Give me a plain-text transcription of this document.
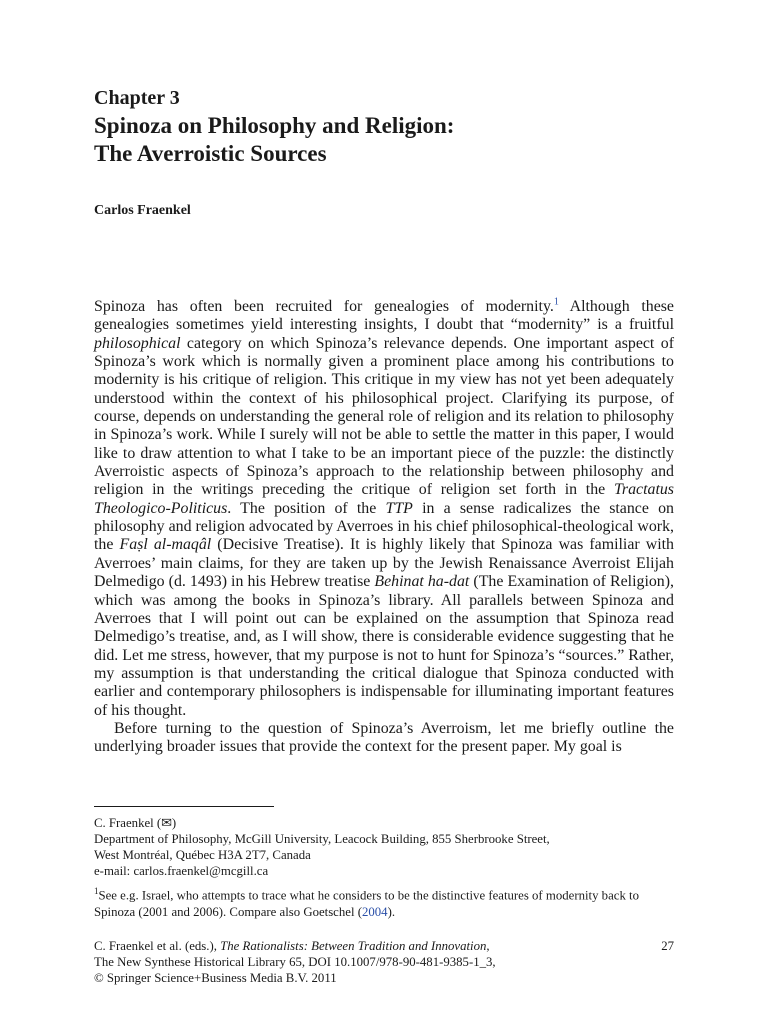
Chapter 3
Spinoza on Philosophy and Religion:
The Averroistic Sources
Carlos Fraenkel

Spinoza has often been recruited for genealogies of modernity.$^1$ Although these genealogies sometimes yield interesting insights, I doubt that “modernity” is a fruitful philosophical category on which Spinoza’s relevance depends. One important aspect of Spinoza’s work which is normally given a prominent place among his contributions to modernity is his critique of religion. This critique in my view has not yet been adequately understood within the context of his philosophical project. Clarifying its purpose, of course, depends on understanding the general role of religion and its relation to philosophy in Spinoza’s work. While I surely will not be able to settle the matter in this paper, I would like to draw attention to what I take to be an important piece of the puzzle: the distinctly Averroistic aspects of Spinoza’s approach to the relationship between philosophy and religion in the writings preceding the critique of religion set forth in the Tractatus Theologico-Politicus. The position of the TTP in a sense radicalizes the stance on philosophy and religion advocated by Averroes in his chief philosophical-theological work, the Faṣl al-maqâl (Decisive Treatise). It is highly likely that Spinoza was familiar with Averroes’ main claims, for they are taken up by the Jewish Renaissance Averroist Elijah Delmedigo (d. 1493) in his Hebrew treatise Behinat ha-dat (The Examination of Religion), which was among the books in Spinoza’s library. All parallels between Spinoza and Averroes that I will point out can be explained on the assumption that Spinoza read Delmedigo’s treatise, and, as I will show, there is considerable evidence suggesting that he did. Let me stress, however, that my purpose is not to hunt for Spinoza’s “sources.” Rather, my assumption is that understanding the critical dialogue that Spinoza conducted with earlier and contemporary philosophers is indispensable for illuminating important features of his thought.

Before turning to the question of Spinoza’s Averroism, let me briefly outline the underlying broader issues that provide the context for the present paper. My goal is

C. Fraenkel (✉)
Department of Philosophy, McGill University, Leacock Building, 855 Sherbrooke Street,
West Montréal, Québec H3A 2T7, Canada
e-mail: carlos.fraenkel@mcgill.ca
$^1$See e.g. Israel, who attempts to trace what he considers to be the distinctive features of modernity back to Spinoza (2001 and 2006). Compare also Goetschel (2004).
C. Fraenkel et al. (eds.), The Rationalists: Between Tradition and Innovation,
The New Synthese Historical Library 65, DOI 10.1007/978-90-481-9385-1_3,
© Springer Science+Business Media B.V. 2011
27
